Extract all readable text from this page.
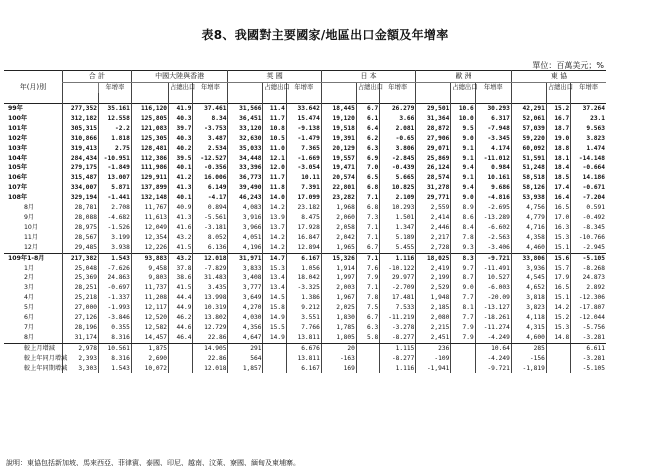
表8、我國對主要國家/地區出口金額及年增率
單位：百萬美元；%
年(月)別	合 計		中國大陸與香港			英 國			日 本			歐 洲			東 協		
		年增率		占總出口	年增率		占總出口	年增率		占總出口	年增率		占總出口	年增率		占總出口	年增率

99年	277,352	35.161	116,120	41.9	37.461	31,566	11.4	33.642	18,445	6.7	26.279	29,501	10.6	30.293	42,291	15.2	37.264
100年	312,182	12.558	125,805	40.3	8.34	36,451	11.7	15.474	19,120	6.1	3.66	31,364	10.0	6.317	52,061	16.7	23.1
101年	305,315	-2.2	121,083	39.7	-3.753	33,120	10.8	-9.138	19,518	6.4	2.081	28,872	9.5	-7.948	57,039	18.7	9.563
102年	310,866	1.818	125,305	40.3	3.487	32,630	10.5	-1.479	19,391	6.2	-0.65	27,906	9.0	-3.345	59,220	19.0	3.823
103年	319,413	2.75	128,481	40.2	2.534	35,033	11.0	7.365	20,129	6.3	3.806	29,071	9.1	4.174	60,092	18.8	1.474
104年	284,434	-10.951	112,386	39.5	-12.527	34,448	12.1	-1.669	19,557	6.9	-2.845	25,869	9.1	-11.012	51,591	18.1	-14.148
105年	279,175	-1.849	111,986	40.1	-0.356	33,396	12.0	-3.054	19,471	7.0	-0.439	26,124	9.4	0.984	51,248	18.4	-0.664
106年	315,487	13.007	129,911	41.2	16.006	36,773	11.7	10.11	20,574	6.5	5.665	28,574	9.1	10.161	58,518	18.5	14.186
107年	334,007	5.871	137,899	41.3	6.149	39,490	11.8	7.391	22,801	6.8	10.825	31,278	9.4	9.686	58,126	17.4	-0.671
108年	329,194	-1.441	132,148	40.1	-4.17	46,243	14.0	17.099	23,282	7.1	2.109	29,771	9.0	-4.816	53,938	16.4	-7.204
8月	28,781	2.708	11,767	40.9	0.894	4,083	14.2	23.182	1,968	6.8	10.293	2,559	8.9	-2.695	4,756	16.5	0.591
9月	28,088	-4.682	11,613	41.3	-5.561	3,916	13.9	8.475	2,060	7.3	1.501	2,414	8.6	-13.289	4,779	17.0	-0.492
10月	28,975	-1.526	12,049	41.6	-3.181	3,966	13.7	17.928	2,058	7.1	1.347	2,446	8.4	-6.602	4,716	16.3	-8.345
11月	28,567	3.199	12,354	43.2	8.052	4,051	14.2	16.847	2,042	7.1	5.189	2,217	7.8	-2.563	4,358	15.3	-10.766
12月	29,485	3.938	12,226	41.5	6.136	4,196	14.2	12.894	1,965	6.7	5.455	2,728	9.3	-3.406	4,460	15.1	-2.945
109年1-8月	217,382	1.543	93,883	43.2	12.018	31,971	14.7	6.167	15,326	7.1	1.116	18,025	8.3	-9.721	33,806	15.6	-5.105
1月	25,048	-7.626	9,458	37.8	-7.829	3,833	15.3	1.056	1,914	7.6	-10.122	2,419	9.7	-11.491	3,936	15.7	-8.268
2月	25,369	24.863	9,803	38.6	31.483	3,408	13.4	18.042	1,997	7.9	29.977	2,199	8.7	10.527	4,545	17.9	24.873
3月	28,251	-0.697	11,737	41.5	3.435	3,777	13.4	-3.325	2,003	7.1	-2.709	2,529	9.0	-6.003	4,652	16.5	2.892
4月	25,218	-1.337	11,208	44.4	13.998	3,649	14.5	1.386	1,967	7.8	17.481	1,948	7.7	-20.09	3,818	15.1	-12.306
5月	27,000	-1.993	12,117	44.9	10.319	4,270	15.8	9.212	2,025	7.5	7.533	2,185	8.1	-13.127	3,823	14.2	-17.807
6月	27,126	-3.846	12,520	46.2	13.802	4,030	14.9	3.551	1,830	6.7	-11.219	2,080	7.7	-18.261	4,118	15.2	-12.044
7月	28,196	0.355	12,582	44.6	12.729	4,356	15.5	7.766	1,785	6.3	-3.278	2,215	7.9	-11.274	4,315	15.3	-5.756
8月	31,174	8.316	14,457	46.4	22.86	4,647	14.9	13.811	1,805	5.8	-8.277	2,451	7.9	-4.249	4,600	14.8	-3.281
較上月增減	2,978	10.561	1,875		14.905	291		6.676	20		1.115	236		10.64	285		6.611
較上年同月增減	2,393	8.316	2,690		22.86	564		13.811	-163		-8.277	-109		-4.249	-156		-3.281
較上年同期增減	3,303	1.543	10,072		12.018	1,857		6.167	169		1.116	-1,941		-9.721	-1,819		-5.105
說明：東協包括新加坡、馬來西亞、菲律賓、泰國、印尼、越南、汶萊、寮國、緬甸及柬埔寨。
